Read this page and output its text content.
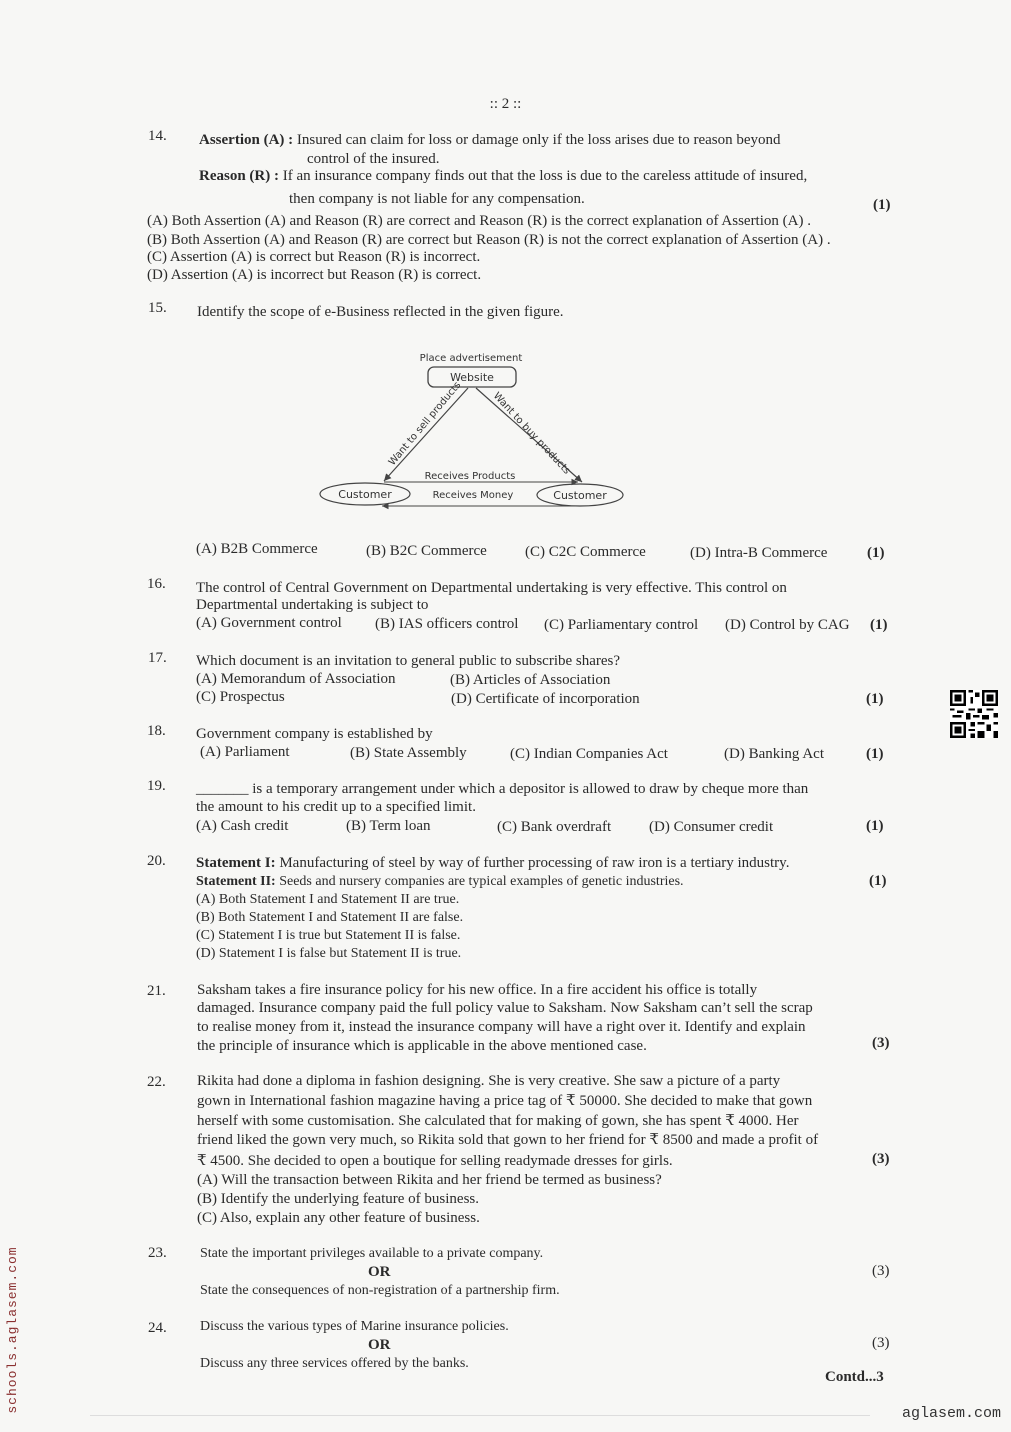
:: 2 ::
14. Assertion (A) : Insured can claim for loss or damage only if the loss arises due to reason beyond
control of the insured.
Reason (R) : If an insurance company finds out that the loss is due to the careless attitude of insured,
then company is not liable for any compensation.	(1)
(A) Both Assertion (A) and Reason (R) are correct and Reason (R) is the correct explanation of Assertion (A) .
(B) Both Assertion (A) and Reason (R) are correct but Reason (R) is not the correct explanation of Assertion (A) .
(C) Assertion (A) is correct but Reason (R) is incorrect.
(D) Assertion (A) is incorrect but Reason (R) is correct.
15. Identify the scope of e-Business reflected in the given figure.
Place advertisement
Website
Want to sell products	Want to buy products
Receives Products
Customer	Receives Money	Customer
(A) B2B Commerce	(B) B2C Commerce	(C) C2C Commerce	(D) Intra-B Commerce	(1)
16. The control of Central Government on Departmental undertaking is very effective. This control on
Departmental undertaking is subject to
(A) Government control (B) IAS officers control (C) Parliamentary control (D) Control by CAG (1)
17. Which document is an invitation to general public to subscribe shares?
(A) Memorandum of Association	(B) Articles of Association
(C) Prospectus	(D) Certificate of incorporation	(1)
18. Government company is established by
(A) Parliament	(B) State Assembly	(C) Indian Companies Act	(D) Banking Act	(1)
19. _______ is a temporary arrangement under which a depositor is allowed to draw by cheque more than
the amount to his credit up to a specified limit.
(A) Cash credit	(B) Term loan	(C) Bank overdraft	(D) Consumer credit	(1)
20. Statement I: Manufacturing of steel by way of further processing of raw iron is a tertiary industry.
Statement II: Seeds and nursery companies are typical examples of genetic industries.	(1)
(A) Both Statement I and Statement II are true.
(B) Both Statement I and Statement II are false.
(C) Statement I is true but Statement II is false.
(D) Statement I is false but Statement II is true.
21. Saksham takes a fire insurance policy for his new office. In a fire accident his office is totally
damaged. Insurance company paid the full policy value to Saksham. Now Saksham can’t sell the scrap
to realise money from it, instead the insurance company will have a right over it. Identify and explain
the principle of insurance which is applicable in the above mentioned case.	(3)
22. Rikita had done a diploma in fashion designing. She is very creative. She saw a picture of a party
gown in International fashion magazine having a price tag of ₹ 50000. She decided to make that gown
herself with some customisation. She calculated that for making of gown, she has spent ₹ 4000. Her
friend liked the gown very much, so Rikita sold that gown to her friend for ₹ 8500 and made a profit of
₹ 4500. She decided to open a boutique for selling readymade dresses for girls.	(3)
(A) Will the transaction between Rikita and her friend be termed as business?
(B) Identify the underlying feature of business.
(C) Also, explain any other feature of business.
23. State the important privileges available to a private company.
OR	(3)
State the consequences of non-registration of a partnership firm.
24. Discuss the various types of Marine insurance policies.
OR	(3)
Discuss any three services offered by the banks.
Contd...3
schools.aglasem.com	aglasem.com
